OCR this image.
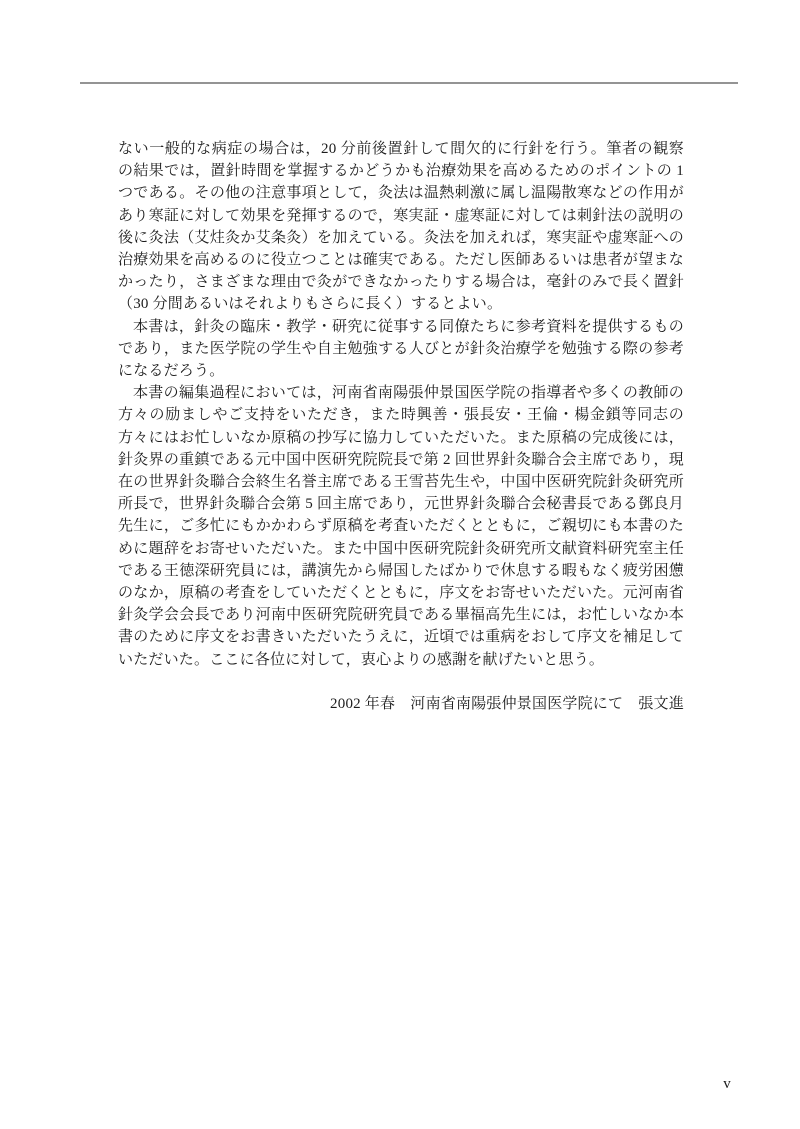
ない一般的な病症の場合は，20 分前後置針して間欠的に行針を行う。筆者の観察の結果では，置針時間を掌握するかどうかも治療効果を高めるためのポイントの 1 つである。その他の注意事項として，灸法は温熱刺激に属し温陽散寒などの作用があり寒証に対して効果を発揮するので，寒実証・虚寒証に対しては刺針法の説明の後に灸法（艾炷灸か艾条灸）を加えている。灸法を加えれば，寒実証や虚寒証への治療効果を高めるのに役立つことは確実である。ただし医師あるいは患者が望まなかったり，さまざまな理由で灸ができなかったりする場合は，毫針のみで長く置針（30 分間あるいはそれよりもさらに長く）するとよい。

本書は，針灸の臨床・教学・研究に従事する同僚たちに参考資料を提供するものであり，また医学院の学生や自主勉強する人びとが針灸治療学を勉強する際の参考になるだろう。

本書の編集過程においては，河南省南陽張仲景国医学院の指導者や多くの教師の方々の励ましやご支持をいただき，また時興善・張長安・王倫・楊金鎖等同志の方々にはお忙しいなか原稿の抄写に協力していただいた。また原稿の完成後には，針灸界の重鎮である元中国中医研究院院長で第 2 回世界針灸聯合会主席であり，現在の世界針灸聯合会終生名誉主席である王雪苔先生や，中国中医研究院針灸研究所所長で，世界針灸聯合会第 5 回主席であり，元世界針灸聯合会秘書長である鄧良月先生に，ご多忙にもかかわらず原稿を考査いただくとともに，ご親切にも本書のために題辞をお寄せいただいた。また中国中医研究院針灸研究所文献資料研究室主任である王徳深研究員には，講演先から帰国したばかりで休息する暇もなく疲労困憊のなか，原稿の考査をしていただくとともに，序文をお寄せいただいた。元河南省針灸学会会長であり河南中医研究院研究員である畢福高先生には，お忙しいなか本書のために序文をお書きいただいたうえに，近頃では重病をおして序文を補足していただいた。ここに各位に対して，衷心よりの感謝を献げたいと思う。

2002 年春　河南省南陽張仲景国医学院にて　張文進
v
